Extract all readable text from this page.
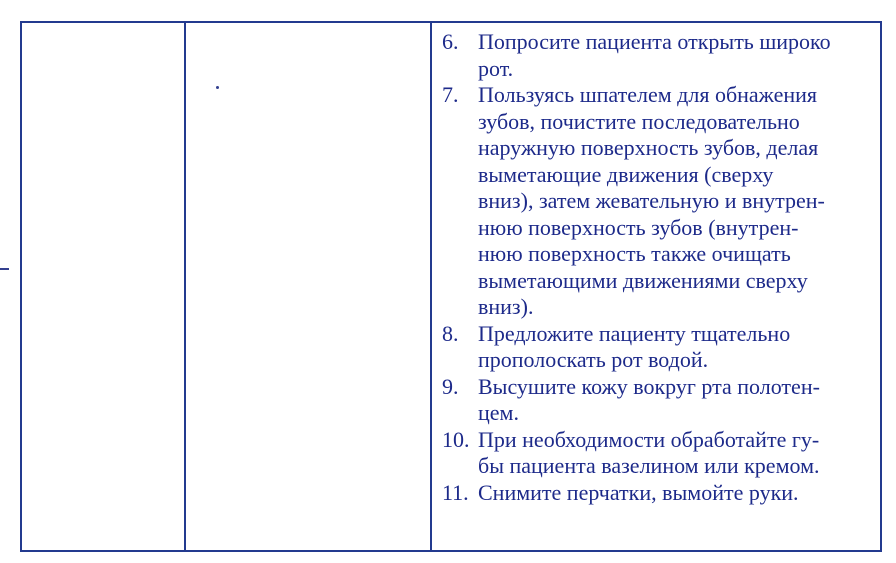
6. Попросите пациента открыть широко
рот.
7. Пользуясь шпателем для обнажения
зубов, почистите последовательно
наружную поверхность зубов, делая
выметающие движения (сверху
вниз), затем жевательную и внутрен-
нюю поверхность зубов (внутрен-
нюю поверхность также очищать
выметающими движениями сверху
вниз).
8. Предложите пациенту тщательно
прополоскать рот водой.
9. Высушите кожу вокруг рта полотен-
цем.
10. При необходимости обработайте гу-
бы пациента вазелином или кремом.
11. Снимите перчатки, вымойте руки.
